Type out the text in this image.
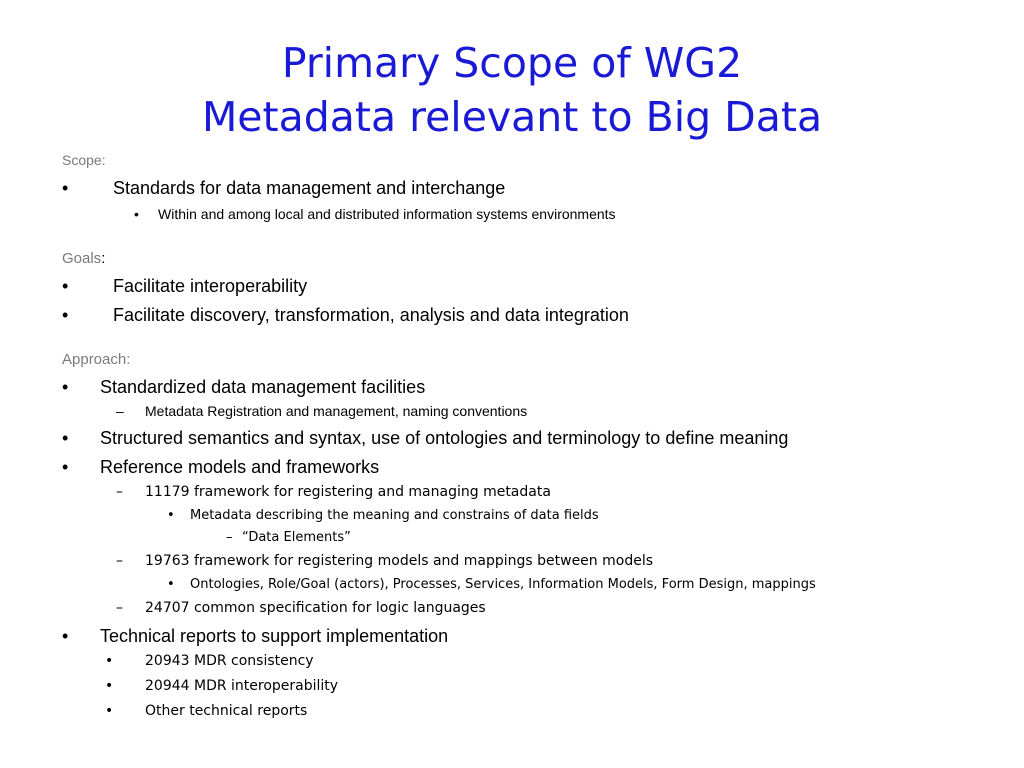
Primary Scope of WG2
Metadata relevant to Big Data
Scope:
• Standards for data management and interchange
• Within and among local and distributed information systems environments
Goals:
• Facilitate interoperability
• Facilitate discovery, transformation, analysis and data integration
Approach:
• Standardized data management facilities
– Metadata Registration and management, naming conventions
• Structured semantics and syntax, use of ontologies and terminology to define meaning
• Reference models and frameworks
– 11179 framework for registering and managing metadata
• Metadata describing the meaning and constrains of data fields
– “Data Elements”
– 19763 framework for registering models and mappings between models
• Ontologies, Role/Goal (actors), Processes, Services, Information Models, Form Design, mappings
– 24707 common specification for logic languages
• Technical reports to support implementation
• 20943 MDR consistency
• 20944 MDR interoperability
• Other technical reports
